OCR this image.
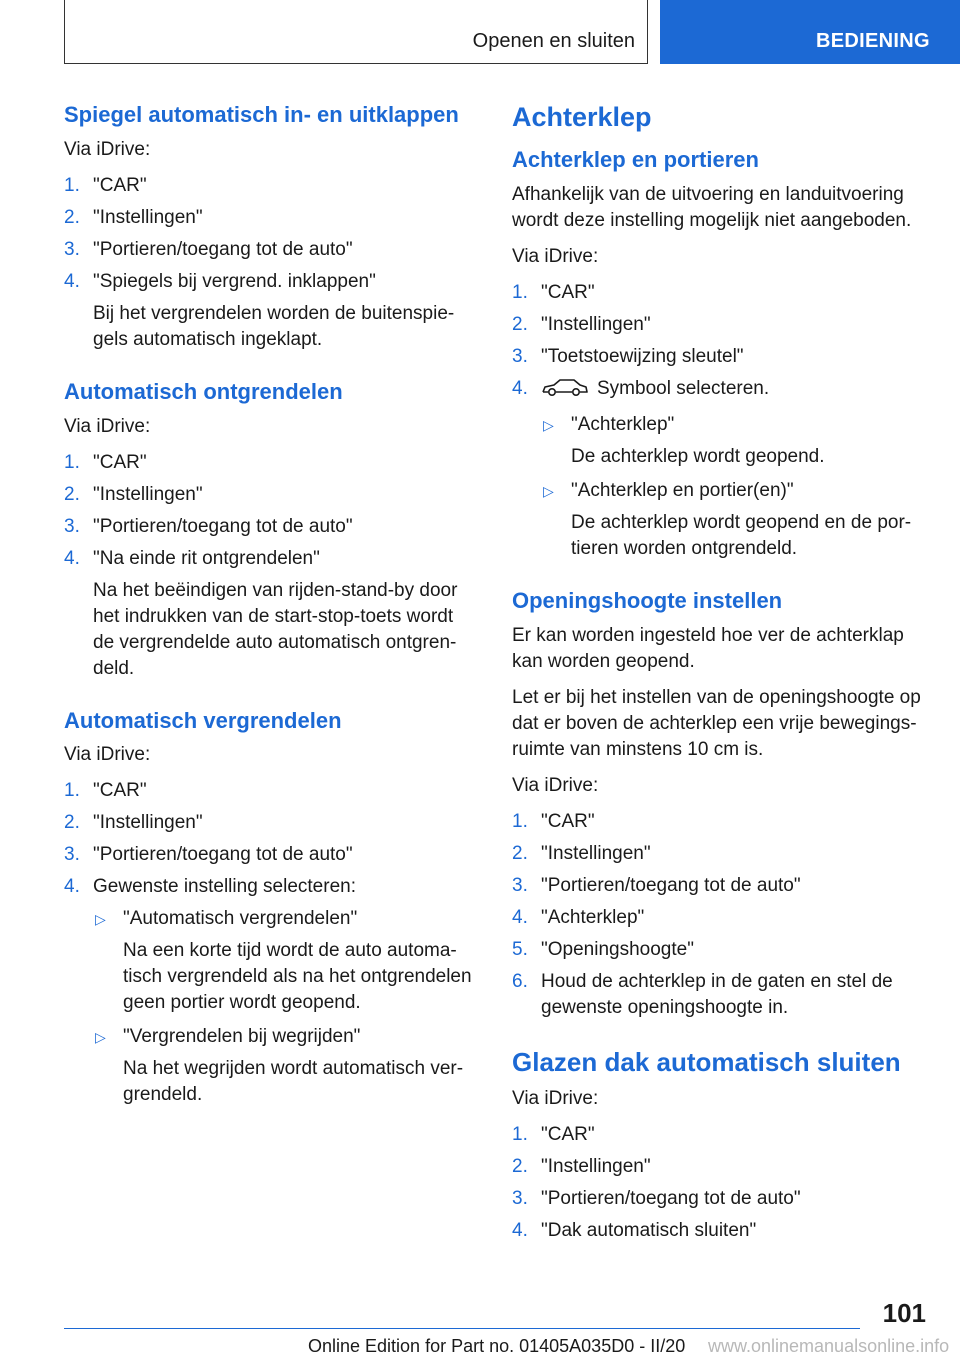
Openen en sluiten	BEDIENING
Spiegel automatisch in- en uitklappen

Via iDrive:

1. "CAR"
2. "Instellingen"
3. "Portieren/toegang tot de auto"
4. "Spiegels bij vergrend. inklappen"
Bij het vergrendelen worden de buitenspie-gels automatisch ingeklapt.
Automatisch ontgrendelen

Via iDrive:

1. "CAR"
2. "Instellingen"
3. "Portieren/toegang tot de auto"
4. "Na einde rit ontgrendelen"
Na het beëindigen van rijden-stand-by door het indrukken van de start-stop-toets wordt de vergrendelde auto automatisch ontgren-deld.
Automatisch vergrendelen

Via iDrive:

1. "CAR"
2. "Instellingen"
3. "Portieren/toegang tot de auto"
4. Gewenste instelling selecteren:
▷ "Automatisch vergrendelen"
Na een korte tijd wordt de auto automa-tisch vergrendeld als na het ontgrendelen geen portier wordt geopend.
▷ "Vergrendelen bij wegrijden"
Na het wegrijden wordt automatisch ver-grendeld.
Achterklep
Achterklep en portieren

Afhankelijk van de uitvoering en landuitvoering wordt deze instelling mogelijk niet aangeboden.

Via iDrive:

1. "CAR"
2. "Instellingen"
3. "Toetstoewijzing sleutel"
4.	Symbool selecteren.
▷ "Achterklep"
De achterklep wordt geopend.
▷ "Achterklep en portier(en)"
De achterklep wordt geopend en de por-tieren worden ontgrendeld.
Openingshoogte instellen

Er kan worden ingesteld hoe ver de achterklap kan worden geopend.

Let er bij het instellen van de openingshoogte op dat er boven de achterklep een vrije bewegings-ruimte van minstens 10 cm is.

Via iDrive:

1. "CAR"
2. "Instellingen"
3. "Portieren/toegang tot de auto"
4. "Achterklep"
5. "Openingshoogte"
6. Houd de achterklep in de gaten en stel de gewenste openingshoogte in.
Glazen dak automatisch sluiten

Via iDrive:

1. "CAR"
2. "Instellingen"
3. "Portieren/toegang tot de auto"
4. "Dak automatisch sluiten"
101
Online Edition for Part no. 01405A035D0 - II/20 www.onlinemanualsonline.info
